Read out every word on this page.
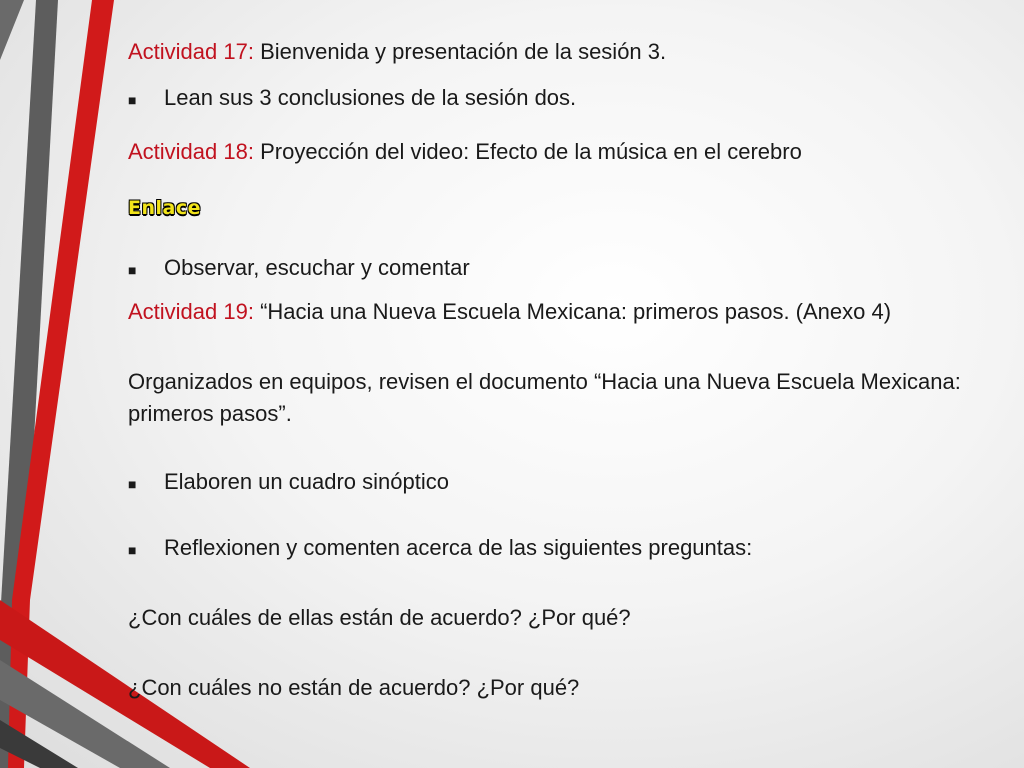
Actividad 17: Bienvenida y presentación de la sesión 3.
■ Lean sus 3 conclusiones de la sesión dos.
Actividad 18: Proyección del video: Efecto de la música en el cerebro
Enlace
■ Observar, escuchar y comentar
Actividad 19: “Hacia una Nueva Escuela Mexicana: primeros pasos. (Anexo 4)
Organizados en equipos, revisen el documento “Hacia una Nueva Escuela Mexicana: primeros pasos”.
■ Elaboren un cuadro sinóptico
■ Reflexionen y comenten acerca de las siguientes preguntas:
¿Con cuáles de ellas están de acuerdo? ¿Por qué?
¿Con cuáles no están de acuerdo? ¿Por qué?
